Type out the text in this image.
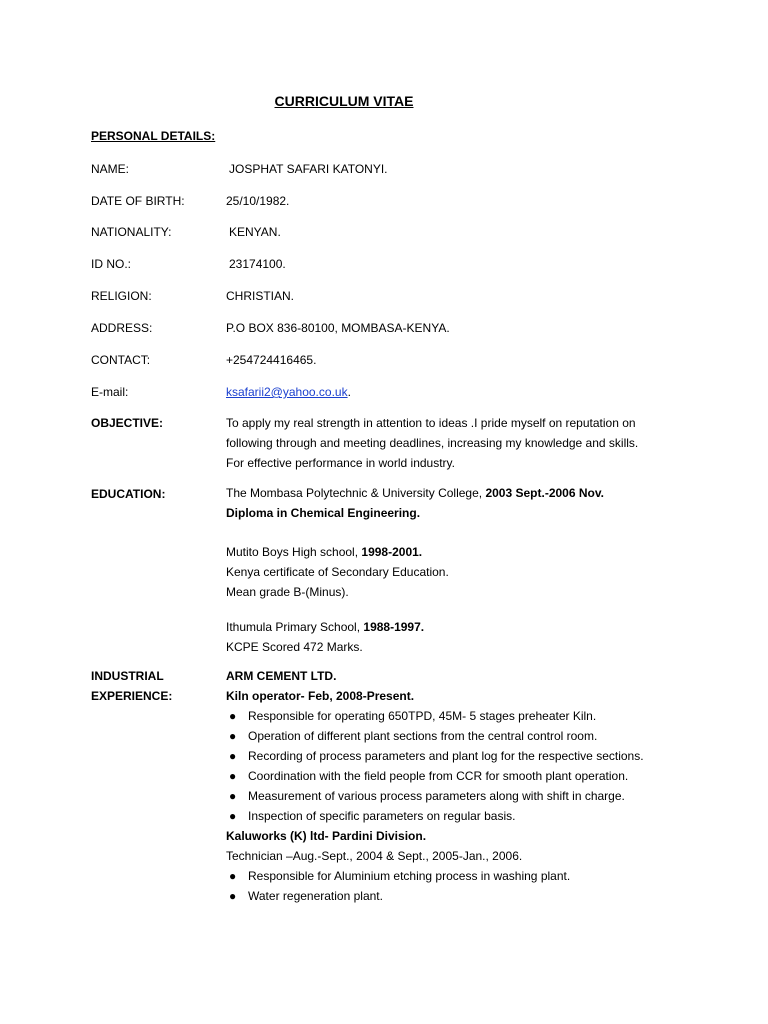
CURRICULUM VITAE
PERSONAL DETAILS:
NAME:	JOSPHAT SAFARI KATONYI.
DATE OF BIRTH:	25/10/1982.
NATIONALITY:	KENYAN.
ID NO.:	23174100.
RELIGION:	CHRISTIAN.
ADDRESS:	P.O BOX 836-80100, MOMBASA-KENYA.
CONTACT:	+254724416465.
E-mail:	ksafarii2@yahoo.co.uk.
OBJECTIVE:	To apply my real strength in attention to ideas .I pride myself on reputation on

following through and meeting deadlines, increasing my knowledge and skills.

For effective performance in world industry.

EDUCATION:	The Mombasa Polytechnic & University College, 2003 Sept.-2006 Nov.

Diploma in Chemical Engineering.

Mutito Boys High school, 1998-2001.

Kenya certificate of Secondary Education.

Mean grade B-(Minus).

Ithumula Primary School, 1988-1997.

KCPE Scored 472 Marks.

INDUSTRIAL
EXPERIENCE:

ARM CEMENT LTD.

Kiln operator- Feb, 2008-Present.

● Responsible for operating 650TPD, 45M- 5 stages preheater Kiln.
● Operation of different plant sections from the central control room.
● Recording of process parameters and plant log for the respective sections.
● Coordination with the field people from CCR for smooth plant operation.
● Measurement of various process parameters along with shift in charge.
● Inspection of specific parameters on regular basis.

Kaluworks (K) ltd- Pardini Division.

Technician –Aug.-Sept., 2004 & Sept., 2005-Jan., 2006.

● Responsible for Aluminium etching process in washing plant.
● Water regeneration plant.
